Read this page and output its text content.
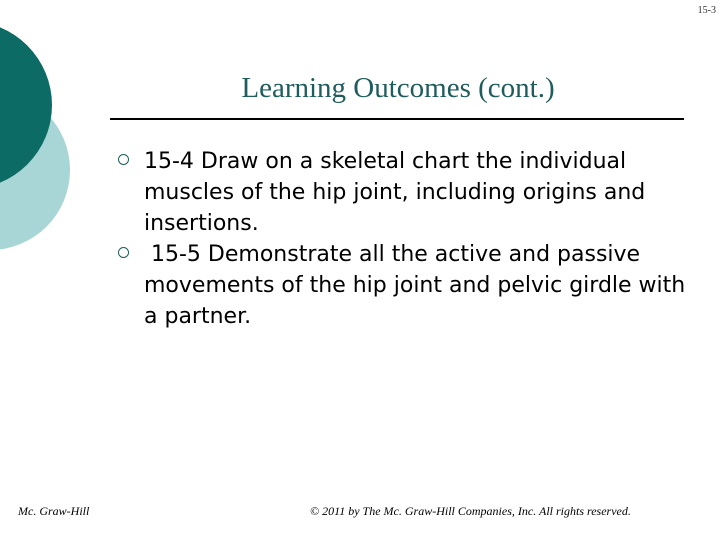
15-3
Learning Outcomes (cont.)
15-4 Draw on a skeletal chart the individual muscles of the hip joint, including origins and insertions.
15-5 Demonstrate all the active and passive movements of the hip joint and pelvic girdle with a partner.
Mc. Graw-Hill	© 2011 by The Mc. Graw-Hill Companies, Inc. All rights reserved.
